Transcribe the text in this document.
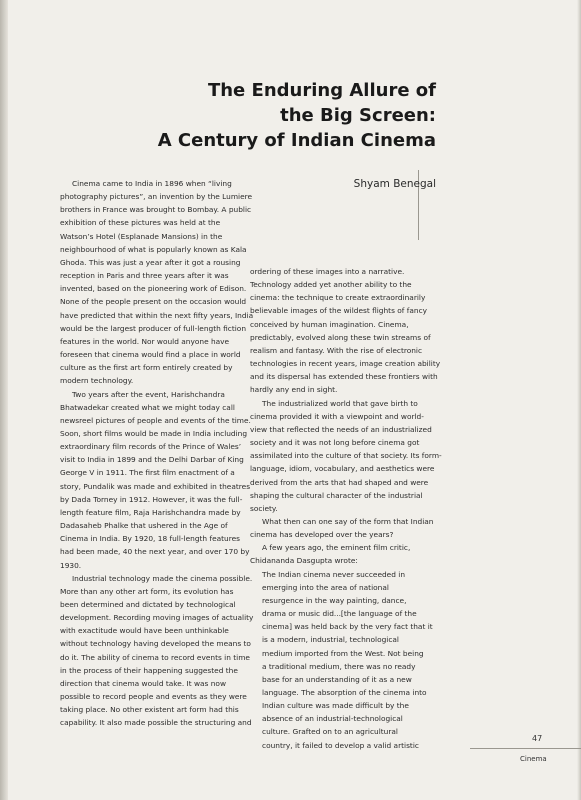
The Enduring Allure of
the Big Screen:
A Century of Indian Cinema
Shyam Benegal
Cinema came to India in 1896 when “living
photography pictures”, an invention by the Lumiere
brothers in France was brought to Bombay. A public
exhibition of these pictures was held at the
Watson’s Hotel (Esplanade Mansions) in the
neighbourhood of what is popularly known as Kala
Ghoda. This was just a year after it got a rousing
reception in Paris and three years after it was
invented, based on the pioneering work of Edison.
None of the people present on the occasion would
have predicted that within the next fifty years, India
would be the largest producer of full-length fiction
features in the world. Nor would anyone have
foreseen that cinema would find a place in world
culture as the first art form entirely created by
modern technology.
Two years after the event, Harishchandra
Bhatwadekar created what we might today call
newsreel pictures of people and events of the time.
Soon, short films would be made in India including
extraordinary film records of the Prince of Wales’
visit to India in 1899 and the Delhi Darbar of King
George V in 1911. The first film enactment of a
story, Pundalik was made and exhibited in theatres
by Dada Torney in 1912. However, it was the full-
length feature film, Raja Harishchandra made by
Dadasaheb Phalke that ushered in the Age of
Cinema in India. By 1920, 18 full-length features
had been made, 40 the next year, and over 170 by
1930.
Industrial technology made the cinema possible.
More than any other art form, its evolution has
been determined and dictated by technological
development. Recording moving images of actuality
with exactitude would have been unthinkable
without technology having developed the means to
do it. The ability of cinema to record events in time
in the process of their happening suggested the
direction that cinema would take. It was now
possible to record people and events as they were
taking place. No other existent art form had this
capability. It also made possible the structuring and
ordering of these images into a narrative.
Technology added yet another ability to the
cinema: the technique to create extraordinarily
believable images of the wildest flights of fancy
conceived by human imagination. Cinema,
predictably, evolved along these twin streams of
realism and fantasy. With the rise of electronic
technologies in recent years, image creation ability
and its dispersal has extended these frontiers with
hardly any end in sight.
The industrialized world that gave birth to
cinema provided it with a viewpoint and world-
view that reflected the needs of an industrialized
society and it was not long before cinema got
assimilated into the culture of that society. Its form-
language, idiom, vocabulary, and aesthetics were
derived from the arts that had shaped and were
shaping the cultural character of the industrial
society.
What then can one say of the form that Indian
cinema has developed over the years?
A few years ago, the eminent film critic,
Chidananda Dasgupta wrote:
The Indian cinema never succeeded in
emerging into the area of national
resurgence in the way painting, dance,
drama or music did...[the language of the
cinema] was held back by the very fact that it
is a modern, industrial, technological
medium imported from the West. Not being
a traditional medium, there was no ready
base for an understanding of it as a new
language. The absorption of the cinema into
Indian culture was made difficult by the
absence of an industrial-technological
culture. Grafted on to an agricultural
country, it failed to develop a valid artistic
47
Cinema
